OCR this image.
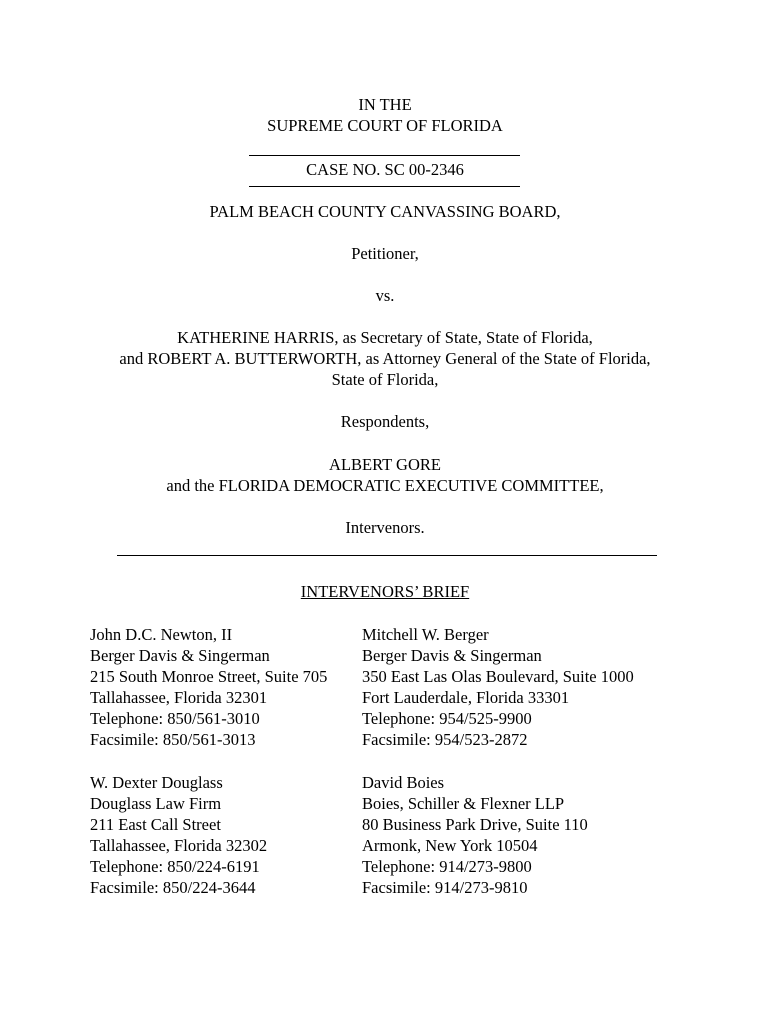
IN THE
SUPREME COURT OF FLORIDA
CASE NO. SC 00-2346
PALM BEACH COUNTY CANVASSING BOARD,
Petitioner,
vs.
KATHERINE HARRIS, as Secretary of State, State of Florida,
and ROBERT A. BUTTERWORTH, as Attorney General of the State of Florida,
State of Florida,
Respondents,
ALBERT GORE
and the FLORIDA DEMOCRATIC EXECUTIVE COMMITTEE,
Intervenors.
INTERVENORS’ BRIEF
John D.C. Newton, II
Berger Davis & Singerman
215 South Monroe Street, Suite 705
Tallahassee, Florida 32301
Telephone: 850/561-3010
Facsimile: 850/561-3013
Mitchell W. Berger
Berger Davis & Singerman
350 East Las Olas Boulevard, Suite 1000
Fort Lauderdale, Florida 33301
Telephone: 954/525-9900
Facsimile: 954/523-2872
W. Dexter Douglass
Douglass Law Firm
211 East Call Street
Tallahassee, Florida 32302
Telephone: 850/224-6191
Facsimile: 850/224-3644
David Boies
Boies, Schiller & Flexner LLP
80 Business Park Drive, Suite 110
Armonk, New York 10504
Telephone: 914/273-9800
Facsimile: 914/273-9810
